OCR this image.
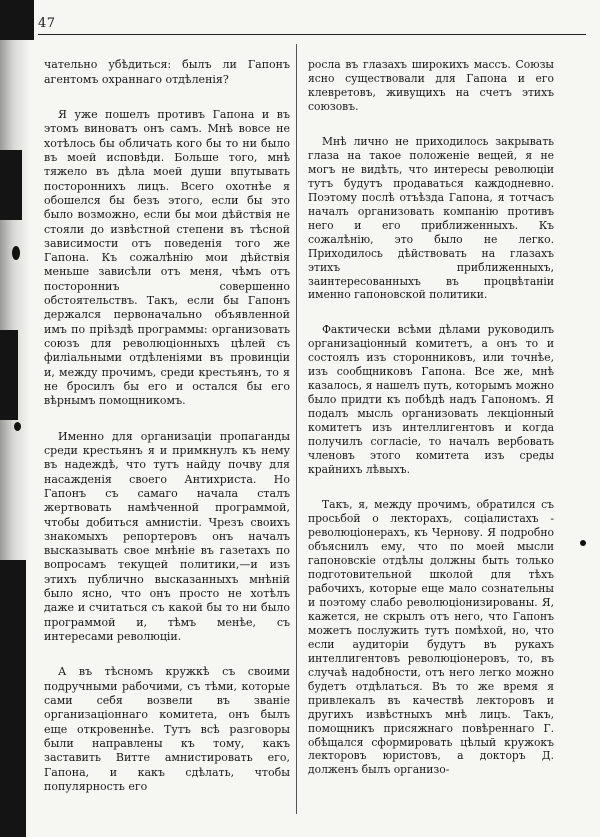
47

чательно убѣдиться: былъ ли Гапонъ агентомъ охраннаго отдѣленія?

Я уже пошелъ противъ Гапона и въ этомъ виноватъ онъ самъ. Мнѣ вовсе не хотѣлось бы обличать кого бы то ни было въ моей исповѣди. Больше того, мнѣ тяжело въ дѣла моей души впутывать постороннихъ лицъ. Всего охотнѣе я обошелся бы безъ этого, если бы это было возможно, если бы мои дѣйствія не стояли до извѣстной степени въ тѣсной зависимости отъ поведенія того же Гапона. Къ сожалѣнію мои дѣйствія меньше зависѣли отъ меня, чѣмъ отъ посторонниъ совершенно обстоятельствъ. Такъ, если бы Гапонъ держался первоначально объявленной имъ по пріѣздѣ программы: организовать союзъ для революціонныхъ цѣлей съ филіальными отдѣленіями въ провинціи и, между прочимъ, среди крестьянъ, то я не бросилъ бы его и остался бы его вѣрнымъ помощникомъ.

Именно для организаціи пропаганды среди крестьянъ я и примкнулъ къ нему въ надеждѣ, что тутъ найду почву для насажденія своего Антихриста. Но Гапонъ съ самаго начала сталъ жертвовать намѣченной программой, чтобы добиться амнистіи. Чрезъ своихъ знакомыхъ репортеровъ онъ началъ высказывать свое мнѣніе въ газетахъ по вопросамъ текущей политики,—и изъ этихъ публично высказанныхъ мнѣній было ясно, что онъ просто не хотѣлъ даже и считаться съ какой бы то ни было программой и, тѣмъ менѣе, съ интересами революціи.

А въ тѣсномъ кружкѣ съ своими подручными рабочими, съ тѣми, которые сами себя возвели въ званіе организаціоннаго комитета, онъ былъ еще откровеннѣе. Тутъ всѣ разговоры были направлены къ тому, какъ заставить Витте амнистировать его, Гапона, и какъ сдѣлать, чтобы популярность его

росла въ глазахъ широкихъ массъ. Союзы ясно существовали для Гапона и его клевретовъ, живущихъ на счетъ этихъ союзовъ.

Мнѣ лично не приходилось закрывать глаза на такое положеніе вещей, я не могъ не видѣть, что интересы революціи тутъ будутъ продаваться каждодневно. Поэтому послѣ отъѣзда Гапона, я тотчасъ началъ организовать компанію противъ него и его приближенныхъ. Къ сожалѣнію, это было не легко. Приходилось дѣйствовать на глазахъ этихъ приближенныхъ, заинтересованныхъ въ процвѣтаніи именно гапоновской политики.

Фактически всѣми дѣлами руководилъ организаціонный комитетъ, а онъ то и состоялъ изъ сторонниковъ, или точнѣе, изъ сообщниковъ Гапона. Все же, мнѣ казалось, я нашелъ путь, которымъ можно было придти къ побѣдѣ надъ Гапономъ. Я подалъ мысль организовать лекціонный комитетъ изъ интеллигентовъ и когда получилъ согласіе, то началъ вербовать членовъ этого комитета изъ среды крайнихъ лѣвыхъ.

Такъ, я, между прочимъ, обратился съ просьбой о лекторахъ, соціалистахъ - революціонерахъ, къ Чернову. Я подробно объяснилъ ему, что по моей мысли гапоновскіе отдѣлы должны быть только подготовительной школой для тѣхъ рабочихъ, которые еще мало сознательны и поэтому слабо революціонизированы. Я, кажется, не скрылъ отъ него, что Гапонъ можетъ послужить тутъ помѣхой, но, что если аудиторіи будутъ въ рукахъ интеллигентовъ революціонеровъ, то, въ случаѣ надобности, отъ него легко можно будетъ отдѣлаться. Въ то же время я привлекалъ въ качествѣ лекторовъ и другихъ извѣстныхъ мнѣ лицъ. Такъ, помощникъ присяжнаго повѣреннаго Г. обѣщался сформировать цѣлый кружокъ лекторовъ юристовъ, а докторъ Д. долженъ былъ организо-
